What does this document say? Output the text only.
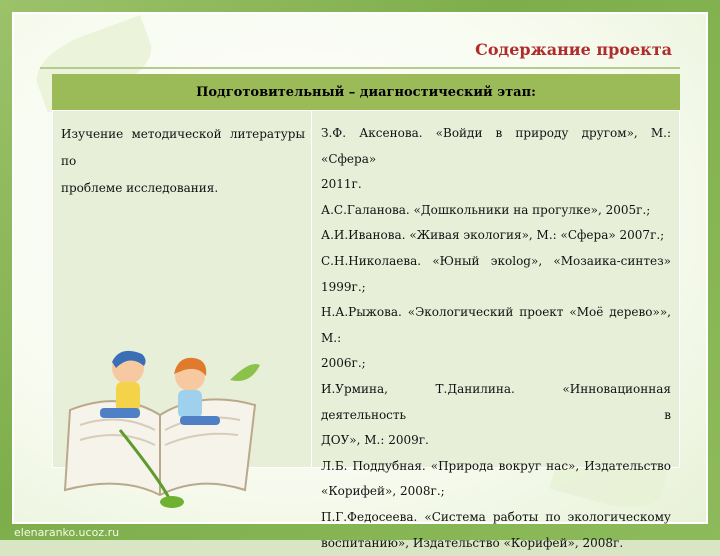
Содержание проекта
Подготовительный – диагностический этап:
Изучение методической литературы по
проблеме исследования.
З.Ф. Аксенова. «Войди в природу другом», М.: «Сфера»
2011г.
А.С.Галанова. «Дошкольники на прогулке», 2005г.;
А.И.Иванова. «Живая экология», М.: «Сфера» 2007г.;
С.Н.Николаева. «Юный экolog», «Мозаика-синтез»
1999г.;
Н.А.Рыжова. «Экологический проект «Моё дерево»», М.:
2006г.;
И.Урмина, Т.Данилина. «Инновационная деятельность в
ДОУ», М.: 2009г.
Л.Б. Поддубная. «Природа вокруг нас», Издательство
«Корифей», 2008г.;
П.Г.Федосеева. «Система работы по экологическому
воспитанию», Издательство «Корифей», 2008г.
elenaranko.ucoz.ru
